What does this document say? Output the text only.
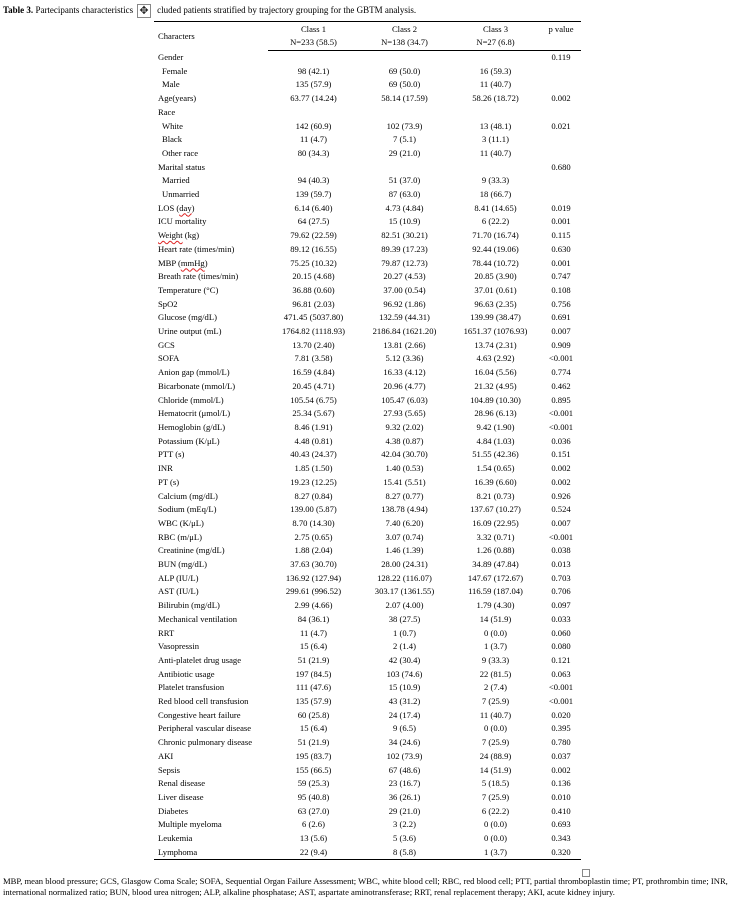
Table 3. Partecipants characteristics	cluded patients stratified by trajectory grouping for the GBTM analysis.
✥
Characters	Class 1	Class 2	Class 3	p value
	N=233 (58.5)	N=138 (34.7)	N=27 (6.8)	
Gender				0.119
Female	98 (42.1)	69 (50.0)	16 (59.3)	
Male	135 (57.9)	69 (50.0)	11 (40.7)	
Age(years)	63.77 (14.24)	58.14 (17.59)	58.26 (18.72)	0.002
Race				
White	142 (60.9)	102 (73.9)	13 (48.1)	0.021
Black	11 (4.7)	7 (5.1)	3 (11.1)	
Other race	80 (34.3)	29 (21.0)	11 (40.7)	
Marital status				0.680
Married	94 (40.3)	51 (37.0)	9 (33.3)	
Unmarried	139 (59.7)	87 (63.0)	18 (66.7)	
LOS (day)	6.14 (6.40)	4.73 (4.84)	8.41 (14.65)	0.019
ICU mortality	64 (27.5)	15 (10.9)	6 (22.2)	0.001
Weight (kg)	79.62 (22.59)	82.51 (30.21)	71.70 (16.74)	0.115
Heart rate (times/min)	89.12 (16.55)	89.39 (17.23)	92.44 (19.06)	0.630
MBP (mmHg)	75.25 (10.32)	79.87 (12.73)	78.44 (10.72)	0.001
Breath rate (times/min)	20.15 (4.68)	20.27 (4.53)	20.85 (3.90)	0.747
Temperature (°C)	36.88 (0.60)	37.00 (0.54)	37.01 (0.61)	0.108
SpO2	96.81 (2.03)	96.92 (1.86)	96.63 (2.35)	0.756
Glucose (mg/dL)	471.45 (5037.80)	132.59 (44.31)	139.99 (38.47)	0.691
Urine output (mL)	1764.82 (1118.93)	2186.84 (1621.20)	1651.37 (1076.93)	0.007
GCS	13.70 (2.40)	13.81 (2.66)	13.74 (2.31)	0.909
SOFA	7.81 (3.58)	5.12 (3.36)	4.63 (2.92)	<0.001
Anion gap (mmol/L)	16.59 (4.84)	16.33 (4.12)	16.04 (5.56)	0.774
Bicarbonate (mmol/L)	20.45 (4.71)	20.96 (4.77)	21.32 (4.95)	0.462
Chloride (mmol/L)	105.54 (6.75)	105.47 (6.03)	104.89 (10.30)	0.895
Hematocrit (μmol/L)	25.34 (5.67)	27.93 (5.65)	28.96 (6.13)	<0.001
Hemoglobin (g/dL)	8.46 (1.91)	9.32 (2.02)	9.42 (1.90)	<0.001
Potassium (K/μL)	4.48 (0.81)	4.38 (0.87)	4.84 (1.03)	0.036
PTT (s)	40.43 (24.37)	42.04 (30.70)	51.55 (42.36)	0.151
INR	1.85 (1.50)	1.40 (0.53)	1.54 (0.65)	0.002
PT (s)	19.23 (12.25)	15.41 (5.51)	16.39 (6.60)	0.002
Calcium (mg/dL)	8.27 (0.84)	8.27 (0.77)	8.21 (0.73)	0.926
Sodium (mEq/L)	139.00 (5.87)	138.78 (4.94)	137.67 (10.27)	0.524
WBC (K/μL)	8.70 (14.30)	7.40 (6.20)	16.09 (22.95)	0.007
RBC (m/μL)	2.75 (0.65)	3.07 (0.74)	3.32 (0.71)	<0.001
Creatinine (mg/dL)	1.88 (2.04)	1.46 (1.39)	1.26 (0.88)	0.038
BUN (mg/dL)	37.63 (30.70)	28.00 (24.31)	34.89 (47.84)	0.013
ALP (IU/L)	136.92 (127.94)	128.22 (116.07)	147.67 (172.67)	0.703
AST (IU/L)	299.61 (996.52)	303.17 (1361.55)	116.59 (187.04)	0.706
Bilirubin (mg/dL)	2.99 (4.66)	2.07 (4.00)	1.79 (4.30)	0.097
Mechanical ventilation	84 (36.1)	38 (27.5)	14 (51.9)	0.033
RRT	11 (4.7)	1 (0.7)	0 (0.0)	0.060
Vasopressin	15 (6.4)	2 (1.4)	1 (3.7)	0.080
Anti-platelet drug usage	51 (21.9)	42 (30.4)	9 (33.3)	0.121
Antibiotic usage	197 (84.5)	103 (74.6)	22 (81.5)	0.063
Platelet transfusion	111 (47.6)	15 (10.9)	2 (7.4)	<0.001
Red blood cell transfusion	135 (57.9)	43 (31.2)	7 (25.9)	<0.001
Congestive heart failure	60 (25.8)	24 (17.4)	11 (40.7)	0.020
Peripheral vascular disease	15 (6.4)	9 (6.5)	0 (0.0)	0.395
Chronic pulmonary disease	51 (21.9)	34 (24.6)	7 (25.9)	0.780
AKI	195 (83.7)	102 (73.9)	24 (88.9)	0.037
Sepsis	155 (66.5)	67 (48.6)	14 (51.9)	0.002
Renal disease	59 (25.3)	23 (16.7)	5 (18.5)	0.136
Liver disease	95 (40.8)	36 (26.1)	7 (25.9)	0.010
Diabetes	63 (27.0)	29 (21.0)	6 (22.2)	0.410
Multiple myeloma	6 (2.6)	3 (2.2)	0 (0.0)	0.693
Leukemia	13 (5.6)	5 (3.6)	0 (0.0)	0.343
Lymphoma	22 (9.4)	8 (5.8)	1 (3.7)	0.320
MBP, mean blood pressure; GCS, Glasgow Coma Scale; SOFA, Sequential Organ Failure Assessment; WBC, white blood cell; RBC, red blood cell; PTT, partial thromboplastin time; PT, prothrombin time; INR, international normalized ratio; BUN, blood urea nitrogen; ALP, alkaline phosphatase; AST, aspartate aminotransferase; RRT, renal replacement therapy; AKI, acute kidney injury.
